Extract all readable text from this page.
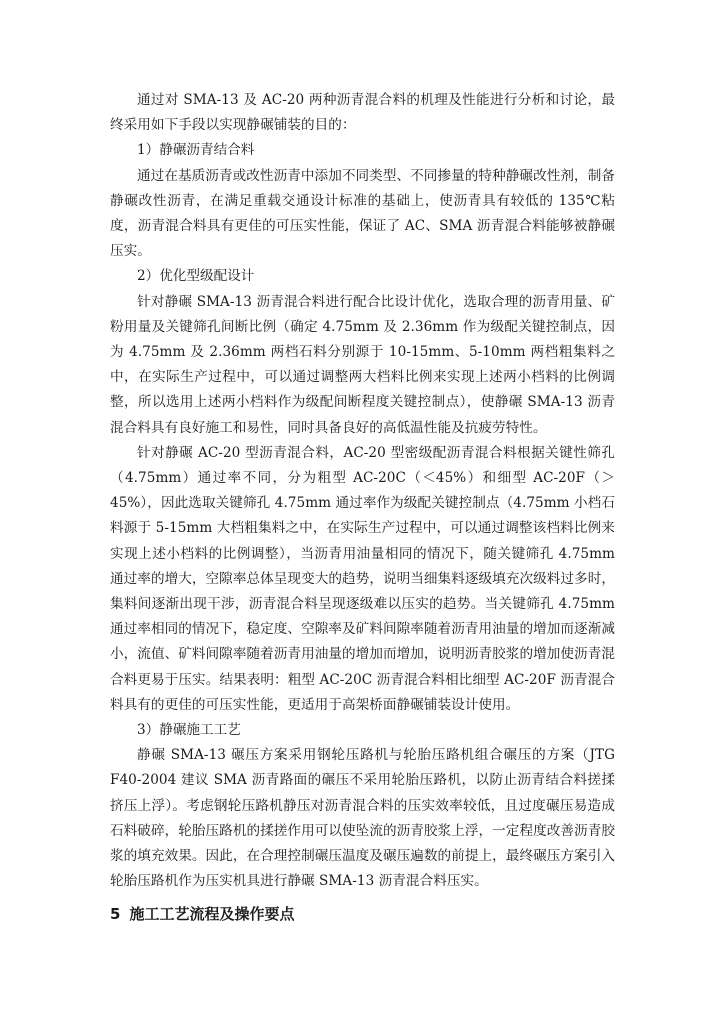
通过对 SMA-13 及 AC-20 两种沥青混合料的机理及性能进行分析和讨论，最终采用如下手段以实现静碾铺装的目的：

1）静碾沥青结合料

通过在基质沥青或改性沥青中添加不同类型、不同掺量的特种静碾改性剂，制备静碾改性沥青，在满足重载交通设计标准的基础上，使沥青具有较低的 135℃粘度，沥青混合料具有更佳的可压实性能，保证了 AC、SMA 沥青混合料能够被静碾压实。

2）优化型级配设计

针对静碾 SMA-13 沥青混合料进行配合比设计优化，选取合理的沥青用量、矿粉用量及关键筛孔间断比例（确定 4.75mm 及 2.36mm 作为级配关键控制点，因为 4.75mm 及 2.36mm 两档石料分别源于 10-15mm、5-10mm 两档粗集料之中，在实际生产过程中，可以通过调整两大档料比例来实现上述两小档料的比例调整，所以选用上述两小档料作为级配间断程度关键控制点），使静碾 SMA-13 沥青混合料具有良好施工和易性，同时具备良好的高低温性能及抗疲劳特性。

针对静碾 AC-20 型沥青混合料，AC-20 型密级配沥青混合料根据关键性筛孔（4.75mm）通过率不同，分为粗型 AC-20C（＜45%）和细型 AC-20F（＞45%），因此选取关键筛孔 4.75mm 通过率作为级配关键控制点（4.75mm 小档石料源于 5-15mm 大档粗集料之中，在实际生产过程中，可以通过调整该档料比例来实现上述小档料的比例调整），当沥青用油量相同的情况下，随关键筛孔 4.75mm 通过率的增大，空隙率总体呈现变大的趋势，说明当细集料逐级填充次级料过多时，集料间逐渐出现干涉，沥青混合料呈现逐级难以压实的趋势。当关键筛孔 4.75mm 通过率相同的情况下，稳定度、空隙率及矿料间隙率随着沥青用油量的增加而逐渐减小，流值、矿料间隙率随着沥青用油量的增加而增加，说明沥青胶浆的增加使沥青混合料更易于压实。结果表明：粗型 AC-20C 沥青混合料相比细型 AC-20F 沥青混合料具有的更佳的可压实性能，更适用于高架桥面静碾铺装设计使用。

3）静碾施工工艺

静碾 SMA-13 碾压方案采用钢轮压路机与轮胎压路机组合碾压的方案（JTG F40-2004 建议 SMA 沥青路面的碾压不采用轮胎压路机，以防止沥青结合料搓揉挤压上浮）。考虑钢轮压路机静压对沥青混合料的压实效率较低，且过度碾压易造成石料破碎，轮胎压路机的揉搓作用可以使坠流的沥青胶浆上浮，一定程度改善沥青胶浆的填充效果。因此，在合理控制碾压温度及碾压遍数的前提上，最终碾压方案引入轮胎压路机作为压实机具进行静碾 SMA-13 沥青混合料压实。

5 施工工艺流程及操作要点
